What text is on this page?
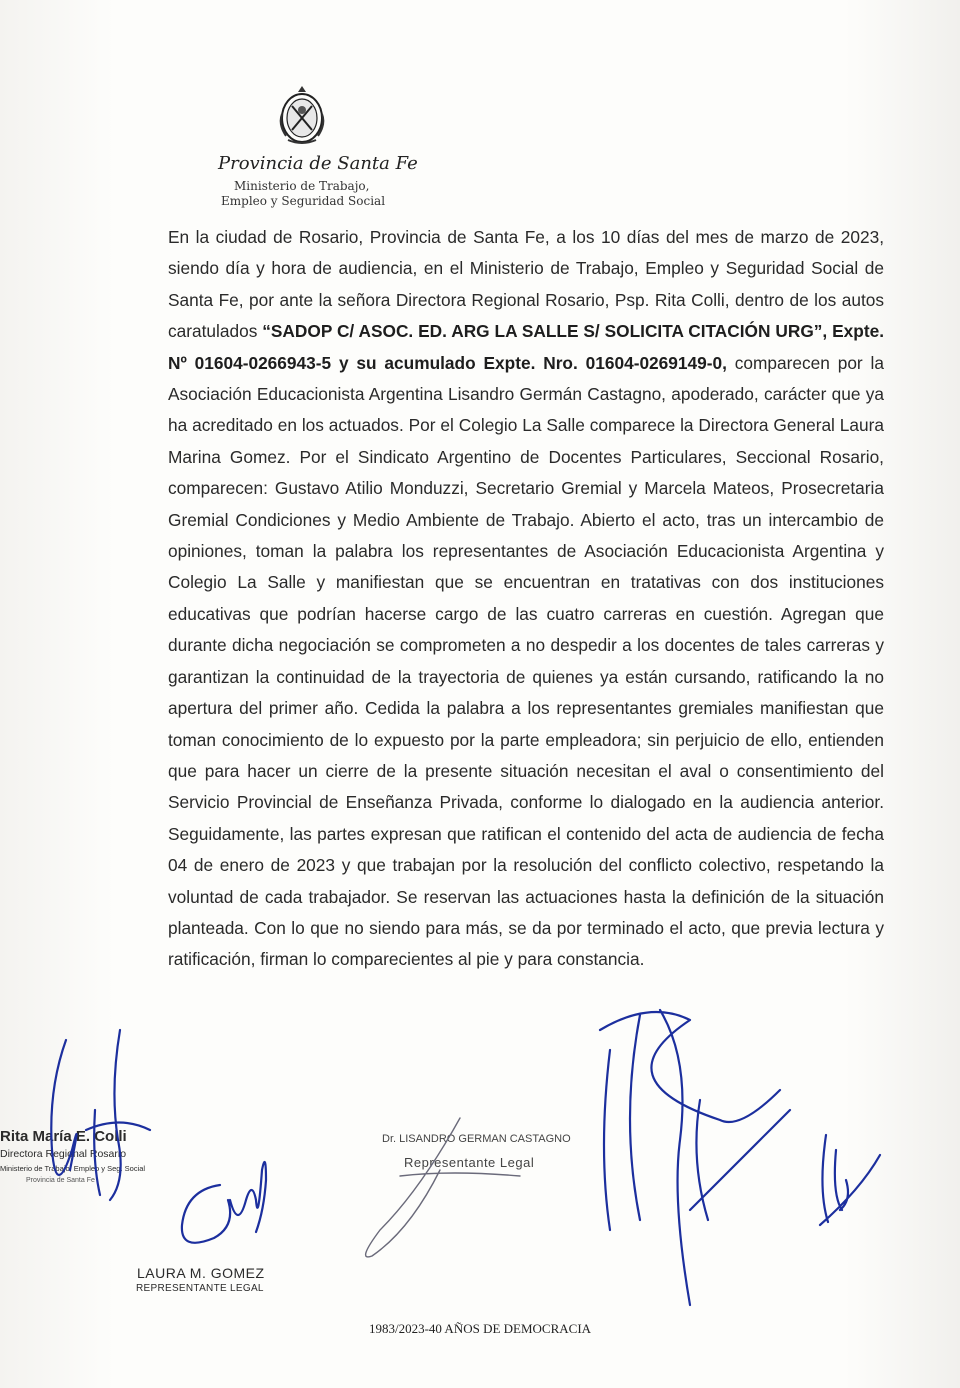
Provincia de Santa Fe
Ministerio de Trabajo,
Empleo y Seguridad Social

En la ciudad de Rosario, Provincia de Santa Fe, a los 10 días del mes de marzo de 2023, siendo día y hora de audiencia, en el Ministerio de Trabajo, Empleo y Seguridad Social de Santa Fe, por ante la señora Directora Regional Rosario, Psp. Rita Colli, dentro de los autos caratulados “SADOP C/ ASOC. ED. ARG LA SALLE S/ SOLICITA CITACIÓN URG”, Expte. Nº 01604-0266943-5 y su acumulado Expte. Nro. 01604-0269149-0, comparecen por la Asociación Educacionista Argentina Lisandro Germán Castagno, apoderado, carácter que ya ha acreditado en los actuados. Por el Colegio La Salle comparece la Directora General Laura Marina Gomez. Por el Sindicato Argentino de Docentes Particulares, Seccional Rosario, comparecen: Gustavo Atilio Monduzzi, Secretario Gremial y Marcela Mateos, Prosecretaria Gremial Condiciones y Medio Ambiente de Trabajo. Abierto el acto, tras un intercambio de opiniones, toman la palabra los representantes de Asociación Educacionista Argentina y Colegio La Salle y manifiestan que se encuentran en tratativas con dos instituciones educativas que podrían hacerse cargo de las cuatro carreras en cuestión. Agregan que durante dicha negociación se comprometen a no despedir a los docentes de tales carreras y garantizan la continuidad de la trayectoria de quienes ya están cursando, ratificando la no apertura del primer año. Cedida la palabra a los representantes gremiales manifiestan que toman conocimiento de lo expuesto por la parte empleadora; sin perjuicio de ello, entienden que para hacer un cierre de la presente situación necesitan el aval o consentimiento del Servicio Provincial de Enseñanza Privada, conforme lo dialogado en la audiencia anterior. Seguidamente, las partes expresan que ratifican el contenido del acta de audiencia de fecha 04 de enero de 2023 y que trabajan por la resolución del conflicto colectivo, respetando la voluntad de cada trabajador. Se reservan las actuaciones hasta la definición de la situación planteada. Con lo que no siendo para más, se da por terminado el acto, que previa lectura y ratificación, firman lo comparecientes al pie y para constancia.

Rita María E. Colli
Directora Regional Rosario
Ministerio de Trabajo, Empleo y Seg. Social
Provincia de Santa Fe
LAURA M. GOMEZ
REPRESENTANTE LEGAL
Dr. LISANDRO GERMAN CASTAGNO
Representante Legal
1983/2023-40 AÑOS DE DEMOCRACIA
